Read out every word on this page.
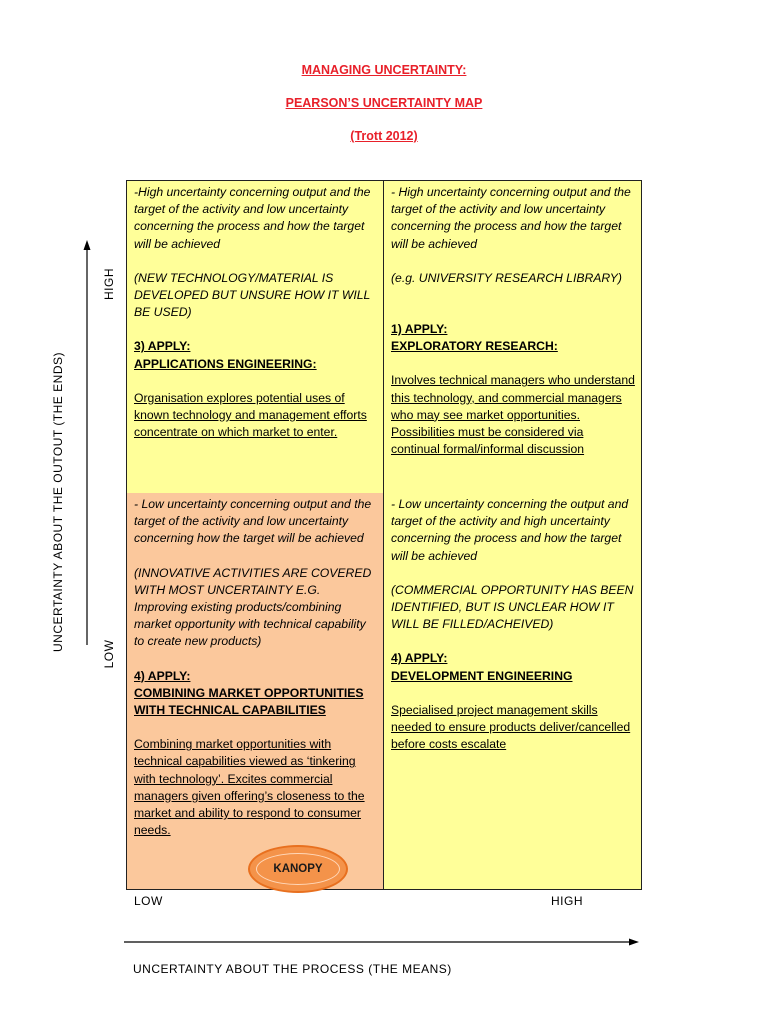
MANAGING UNCERTAINTY:
PEARSON’S UNCERTAINTY MAP
(Trott 2012)

-High uncertainty concerning output and the target of the activity and low uncertainty concerning the process and how the target will be achieved

(NEW TECHNOLOGY/MATERIAL IS DEVELOPED BUT UNSURE HOW IT WILL BE USED)

3) APPLY:

APPLICATIONS ENGINEERING:

Organisation explores potential uses of known technology and management efforts concentrate on which market to enter.

- High uncertainty concerning output and the target of the activity and low uncertainty concerning the process and how the target will be achieved

(e.g. UNIVERSITY RESEARCH LIBRARY)

1) APPLY:

EXPLORATORY RESEARCH:

Involves technical managers who understand this technology, and commercial managers who may see market opportunities. Possibilities must be considered via continual formal/informal discussion

- Low uncertainty concerning output and the target of the activity and low uncertainty concerning how the target will be achieved

(INNOVATIVE ACTIVITIES ARE COVERED WITH MOST UNCERTAINTY E.G. Improving existing products/combining market opportunity with technical capability to create new products)

4) APPLY:

COMBINING MARKET OPPORTUNITIES WITH TECHNICAL CAPABILITIES

Combining market opportunities with technical capabilities viewed as ‘tinkering with technology’. Excites commercial managers given offering’s closeness to the market and ability to respond to consumer needs.

- Low uncertainty concerning the output and target of the activity and high uncertainty concerning the process and how the target will be achieved

(COMMERCIAL OPPORTUNITY HAS BEEN IDENTIFIED, BUT IS UNCLEAR HOW IT WILL BE FILLED/ACHEIVED)

4) APPLY:

DEVELOPMENT ENGINEERING

Specialised project management skills needed to ensure products deliver/cancelled before costs escalate

KANOPY
LOW	HIGH
UNCERTAINTY ABOUT THE PROCESS (THE MEANS)
HIGH
LOW
UNCERTAINTY ABOUT THE OUTOUT (THE ENDS)
